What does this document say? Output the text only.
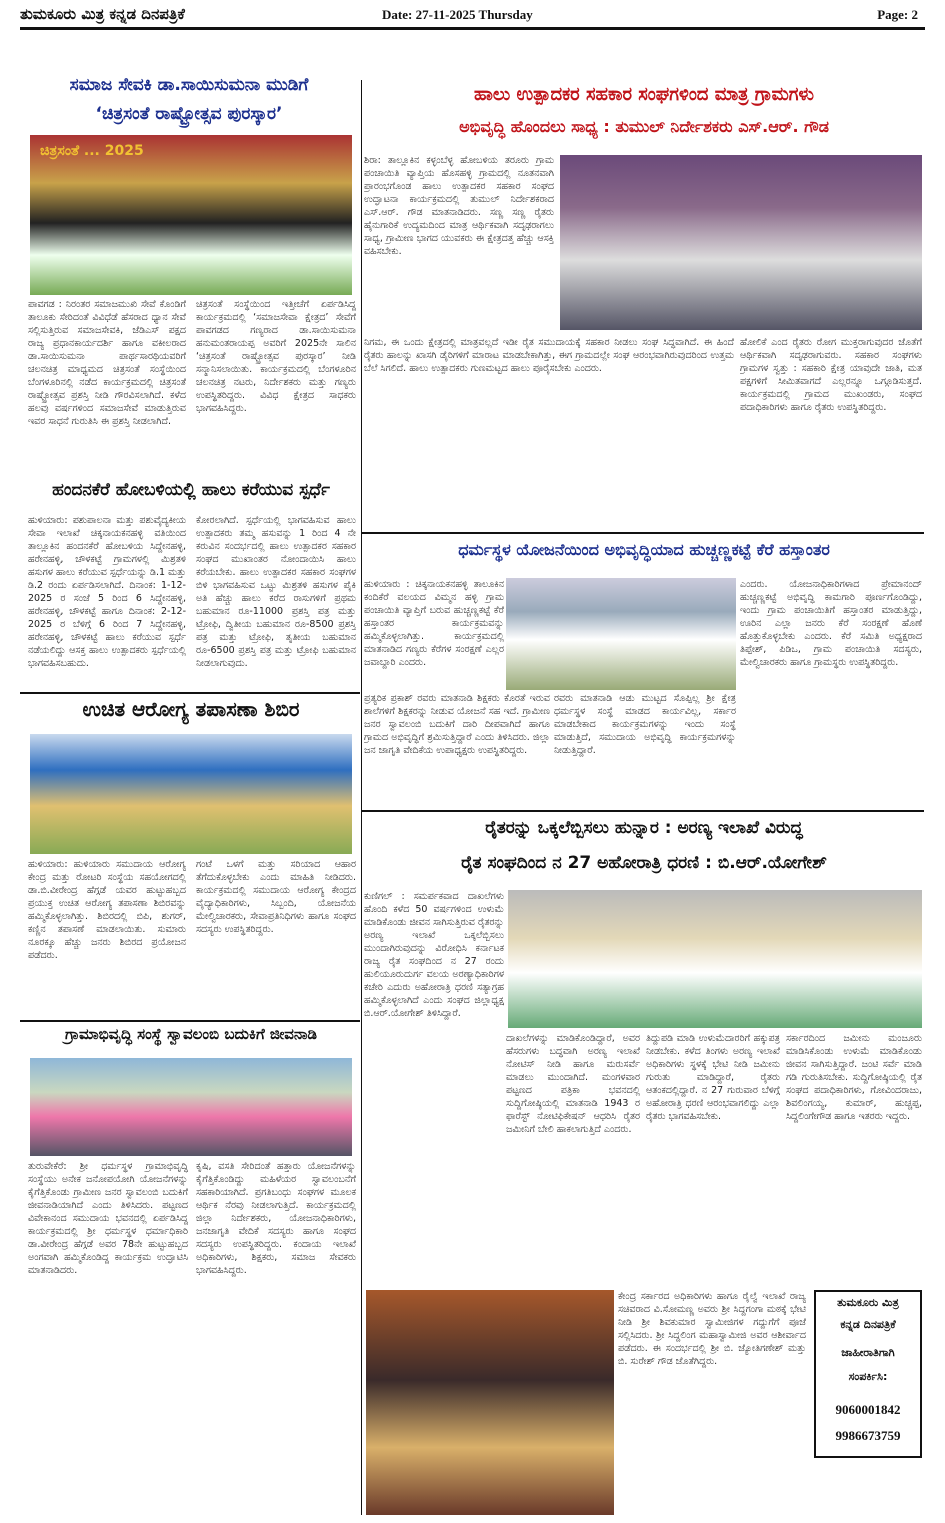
ತುಮಕೂರು ಮಿತ್ರ ಕನ್ನಡ ದಿನಪತ್ರಿಕೆ	Date: 27-11-2025 Thursday	Page: 2
ಸಮಾಜ ಸೇವಕಿ ಡಾ.ಸಾಯಿಸುಮನಾ ಮುಡಿಗೆ
‘ಚಿತ್ರಸಂತೆ ರಾಷ್ಟ್ರೋತ್ಸವ ಪುರಸ್ಕಾರ’
ಚಿತ್ರಸಂತೆ ... 2025
ಪಾವಗಡ : ನಿರಂತರ ಸಮಾಜಮುಖಿ ಸೇವೆ ಕೊಂಡಿಗೆ ತಾಲೂಕು ಸೇರಿದಂತೆ ವಿವಿಧೆಡೆ ಹೆಸರಾದ ಧ್ಯಾನ ಸೇವೆ ಸಲ್ಲಿಸುತ್ತಿರುವ ಸಮಾಜಸೇವಕಿ, ಜೆಡಿಎಸ್ ಪಕ್ಷದ ರಾಜ್ಯ ಪ್ರಧಾನಕಾರ್ಯದರ್ಶಿ ಹಾಗೂ ವಕೀಲರಾದ ಡಾ.ಸಾಯಿಸುಮನಾ ಪಾರ್ಥಸಾರಥಿಯವರಿಗೆ ಚಲನಚಿತ್ರ ಮಾಧ್ಯಮದ ಚಿತ್ರಸಂತೆ ಸಂಸ್ಥೆಯಿಂದ ಬೆಂಗಳೂರಿನಲ್ಲಿ ನಡೆದ ಕಾರ್ಯಕ್ರಮದಲ್ಲಿ ಚಿತ್ರಸಂತೆ ರಾಷ್ಟ್ರೋತ್ಸವ ಪ್ರಶಸ್ತಿ ನೀಡಿ ಗೌರವಿಸಲಾಗಿದೆ. ಕಳೆದ ಹಲವು ವರ್ಷಗಳಿಂದ ಸಮಾಜಸೇವೆ ಮಾಡುತ್ತಿರುವ ಇವರ ಸಾಧನೆ ಗುರುತಿಸಿ ಈ ಪ್ರಶಸ್ತಿ ನೀಡಲಾಗಿದೆ.
ಚಿತ್ರಸಂತೆ ಸಂಸ್ಥೆಯಿಂದ ಇತ್ತೀಚೆಗೆ ಏರ್ಪಡಿಸಿದ್ದ ಕಾರ್ಯಕ್ರಮದಲ್ಲಿ ‘ಸಮಾಜಸೇವಾ ಕ್ಷೇತ್ರದ’ ಸೇವೆಗೆ ಪಾವಗಡದ ಗಣ್ಯರಾದ ಡಾ.ಸಾಯಿಸುಮನಾ ಹನುಮಂತರಾಯಪ್ಪ ಅವರಿಗೆ 2025ನೇ ಸಾಲಿನ ‘ಚಿತ್ರಸಂತೆ ರಾಷ್ಟ್ರೋತ್ಸವ ಪುರಸ್ಕಾರ’ ನೀಡಿ ಸನ್ಮಾನಿಸಲಾಯಿತು. ಕಾರ್ಯಕ್ರಮದಲ್ಲಿ ಬೆಂಗಳೂರಿನ ಚಲನಚಿತ್ರ ನಟರು, ನಿರ್ದೇಶಕರು ಮತ್ತು ಗಣ್ಯರು ಉಪಸ್ಥಿತರಿದ್ದರು. ವಿವಿಧ ಕ್ಷೇತ್ರದ ಸಾಧಕರು ಭಾಗವಹಿಸಿದ್ದರು.
ಹಂದನಕೆರೆ ಹೋಬಳಿಯಲ್ಲಿ ಹಾಲು ಕರೆಯುವ ಸ್ಪರ್ಧೆ
ಹುಳಿಯಾರು: ಪಶುಪಾಲನಾ ಮತ್ತು ಪಶುವೈದ್ಯಕೀಯ ಸೇವಾ ಇಲಾಖೆ ಚಿಕ್ಕನಾಯಕನಹಳ್ಳಿ ವತಿಯಿಂದ ತಾಲ್ಲೂಕಿನ ಹಂದನಕೆರೆ ಹೋಬಳಿಯ ಸಿದ್ದೇನಹಳ್ಳಿ, ಹರೇನಹಳ್ಳಿ, ಚೌಳಕಟ್ಟೆ ಗ್ರಾಮಗಳಲ್ಲಿ ಮಿಶ್ರತಳಿ ಹಸುಗಳ ಹಾಲು ಕರೆಯುವ ಸ್ಪರ್ಧೆಯನ್ನು ಡಿ.1 ಮತ್ತು ಡಿ.2 ರಂದು ಏರ್ಪಡಿಸಲಾಗಿದೆ. ದಿನಾಂಕ: 1-12-2025 ರ ಸಂಜೆ 5 ರಿಂದ 6 ಸಿದ್ದೇನಹಳ್ಳಿ, ಹರೇನಹಳ್ಳಿ, ಚೌಳಕಟ್ಟೆ ಹಾಗೂ ದಿನಾಂಕ: 2-12-2025 ರ ಬೆಳಿಗ್ಗೆ 6 ರಿಂದ 7 ಸಿದ್ದೇನಹಳ್ಳಿ, ಹರೇನಹಳ್ಳಿ, ಚೌಳಕಟ್ಟೆ ಹಾಲು ಕರೆಯುವ ಸ್ಪರ್ಧೆ ನಡೆಯಲಿದ್ದು ಆಸಕ್ತ ಹಾಲು ಉತ್ಪಾದಕರು ಸ್ಪರ್ಧೆಯಲ್ಲಿ ಭಾಗವಹಿಸಬಹುದು.
ಕೋರಲಾಗಿದೆ. ಸ್ಪರ್ಧೆಯಲ್ಲಿ ಭಾಗವಹಿಸುವ ಹಾಲು ಉತ್ಪಾದಕರು ತಮ್ಮ ಹಸುವನ್ನು 1 ರಿಂದ 4 ನೇ ಕರುವಿನ ಸಂದರ್ಭದಲ್ಲಿ ಹಾಲು ಉತ್ಪಾದಕರ ಸಹಕಾರ ಸಂಘದ ಮುಖಾಂತರ ನೋಂದಾಯಿಸಿ ಹಾಲು ಕರೆಯಬೇಕು. ಹಾಲು ಉತ್ಪಾದಕರ ಸಹಕಾರ ಸಂಘಗಳ ಬಿಳಿ ಭಾಗವಹಿಸುವ ಒಟ್ಟು ಮಿಶ್ರತಳಿ ಹಸುಗಳ ಪೈಕಿ ಅತಿ ಹೆಚ್ಚು ಹಾಲು ಕರೆದ ರಾಸುಗಳಿಗೆ ಪ್ರಥಮ ಬಹುಮಾನ ರೂ-11000 ಪ್ರಶಸ್ತಿ ಪತ್ರ ಮತ್ತು ಟ್ರೋಫಿ, ದ್ವಿತೀಯ ಬಹುಮಾನ ರೂ-8500 ಪ್ರಶಸ್ತಿ ಪತ್ರ ಮತ್ತು ಟ್ರೋಫಿ, ತೃತೀಯ ಬಹುಮಾನ ರೂ-6500 ಪ್ರಶಸ್ತಿ ಪತ್ರ ಮತ್ತು ಟ್ರೋಫಿ ಬಹುಮಾನ ನೀಡಲಾಗುವುದು.
ಉಚಿತ ಆರೋಗ್ಯ ತಪಾಸಣಾ ಶಿಬಿರ
ಹುಳಿಯಾರು: ಹುಳಿಯಾರು ಸಮುದಾಯ ಆರೋಗ್ಯ ಕೇಂದ್ರ ಮತ್ತು ರೋಟರಿ ಸಂಸ್ಥೆಯ ಸಹಯೋಗದಲ್ಲಿ ಡಾ.ಬಿ.ವೀರೇಂದ್ರ ಹೆಗ್ಗಡೆ ಯವರ ಹುಟ್ಟುಹಬ್ಬದ ಪ್ರಯುಕ್ತ ಉಚಿತ ಆರೋಗ್ಯ ತಪಾಸಣಾ ಶಿಬಿರವನ್ನು ಹಮ್ಮಿಕೊಳ್ಳಲಾಗಿತ್ತು. ಶಿಬಿರದಲ್ಲಿ ಬಿಪಿ, ಶುಗರ್, ಕಣ್ಣಿನ ತಪಾಸಣೆ ಮಾಡಲಾಯಿತು. ಸುಮಾರು ನೂರಕ್ಕೂ ಹೆಚ್ಚು ಜನರು ಶಿಬಿರದ ಪ್ರಯೋಜನ ಪಡೆದರು.
ಗಂಟೆ ಒಳಗೆ ಮತ್ತು ಸರಿಯಾದ ಆಹಾರ ತೆಗೆದುಕೊಳ್ಳಬೇಕು ಎಂದು ಮಾಹಿತಿ ನೀಡಿದರು. ಕಾರ್ಯಕ್ರಮದಲ್ಲಿ ಸಮುದಾಯ ಆರೋಗ್ಯ ಕೇಂದ್ರದ ವೈದ್ಯಾಧಿಕಾರಿಗಳು, ಸಿಬ್ಬಂದಿ, ಯೋಜನೆಯ ಮೇಲ್ವಿಚಾರಕರು, ಸೇವಾಪ್ರತಿನಿಧಿಗಳು ಹಾಗೂ ಸಂಘದ ಸದಸ್ಯರು ಉಪಸ್ಥಿತರಿದ್ದರು.
ಗ್ರಾಮಾಭಿವೃದ್ಧಿ ಸಂಸ್ಥೆ ಸ್ವಾವಲಂಬಿ ಬದುಕಿಗೆ ಜೀವನಾಡಿ
ತುರುವೇಕೆರೆ: ಶ್ರೀ ಧರ್ಮಸ್ಥಳ ಗ್ರಾಮಾಭಿವೃದ್ಧಿ ಸಂಸ್ಥೆಯು ಅನೇಕ ಜನೋಪಯೋಗಿ ಯೋಜನೆಗಳನ್ನು ಕೈಗೆತ್ತಿಕೊಂಡು ಗ್ರಾಮೀಣ ಜನರ ಸ್ವಾವಲಂಬಿ ಬದುಕಿಗೆ ಜೀವನಾಡಿಯಾಗಿದೆ ಎಂದು ತಿಳಿಸಿದರು. ಪಟ್ಟಣದ ವಿವೇಕಾನಂದ ಸಮುದಾಯ ಭವನದಲ್ಲಿ ಏರ್ಪಡಿಸಿದ್ದ ಕಾರ್ಯಕ್ರಮದಲ್ಲಿ ಶ್ರೀ ಧರ್ಮಸ್ಥಳ ಧರ್ಮಾಧಿಕಾರಿ ಡಾ.ವೀರೇಂದ್ರ ಹೆಗ್ಗಡೆ ಅವರ 78ನೇ ಹುಟ್ಟುಹಬ್ಬದ ಅಂಗವಾಗಿ ಹಮ್ಮಿಕೊಂಡಿದ್ದ ಕಾರ್ಯಕ್ರಮ ಉದ್ಘಾಟಿಸಿ ಮಾತನಾಡಿದರು.
ಕೃಷಿ, ವಸತಿ ಸೇರಿದಂತೆ ಹತ್ತಾರು ಯೋಜನೆಗಳನ್ನು ಕೈಗೆತ್ತಿಕೊಂಡಿದ್ದು ಮಹಿಳೆಯರ ಸ್ವಾವಲಂಬನೆಗೆ ಸಹಕಾರಿಯಾಗಿದೆ. ಪ್ರಗತಿಬಂಧು ಸಂಘಗಳ ಮೂಲಕ ಆರ್ಥಿಕ ನೆರವು ನೀಡಲಾಗುತ್ತಿದೆ. ಕಾರ್ಯಕ್ರಮದಲ್ಲಿ ಜಿಲ್ಲಾ ನಿರ್ದೇಶಕರು, ಯೋಜನಾಧಿಕಾರಿಗಳು, ಜನಜಾಗೃತಿ ವೇದಿಕೆ ಸದಸ್ಯರು ಹಾಗೂ ಸಂಘದ ಸದಸ್ಯರು ಉಪಸ್ಥಿತರಿದ್ದರು. ಕಂದಾಯ ಇಲಾಖೆ ಅಧಿಕಾರಿಗಳು, ಶಿಕ್ಷಕರು, ಸಮಾಜ ಸೇವಕರು ಭಾಗವಹಿಸಿದ್ದರು.
ಹಾಲು ಉತ್ಪಾದಕರ ಸಹಕಾರ ಸಂಘಗಳಿಂದ ಮಾತ್ರ ಗ್ರಾಮಗಳು
ಅಭಿವೃದ್ಧಿ ಹೊಂದಲು ಸಾಧ್ಯ : ತುಮುಲ್ ನಿರ್ದೇಶಕರು ಎಸ್.ಆರ್. ಗೌಡ
ಶಿರಾ: ತಾಲ್ಲೂಕಿನ ಕಳ್ಳಂಬೆಳ್ಳ ಹೋಬಳಿಯ ತರೂರು ಗ್ರಾಮ ಪಂಚಾಯಿತಿ ವ್ಯಾಪ್ತಿಯ ಹೊಸಹಳ್ಳಿ ಗ್ರಾಮದಲ್ಲಿ ನೂತನವಾಗಿ ಪ್ರಾರಂಭಗೊಂಡ ಹಾಲು ಉತ್ಪಾದಕರ ಸಹಕಾರ ಸಂಘದ ಉದ್ಘಾಟನಾ ಕಾರ್ಯಕ್ರಮದಲ್ಲಿ ತುಮುಲ್ ನಿರ್ದೇಶಕರಾದ ಎಸ್.ಆರ್. ಗೌಡ ಮಾತನಾಡಿದರು. ಸಣ್ಣ ಸಣ್ಣ ರೈತರು ಹೈನುಗಾರಿಕೆ ಉದ್ಯಮದಿಂದ ಮಾತ್ರ ಆರ್ಥಿಕವಾಗಿ ಸದೃಢರಾಗಲು ಸಾಧ್ಯ, ಗ್ರಾಮೀಣ ಭಾಗದ ಯುವಕರು ಈ ಕ್ಷೇತ್ರದತ್ತ ಹೆಚ್ಚು ಆಸಕ್ತಿ ವಹಿಸಬೇಕು.
ನಿಗಮ, ಈ ಒಂದು ಕ್ಷೇತ್ರದಲ್ಲಿ ಮಾತ್ರವಲ್ಲದೆ ಇಡೀ ರೈತ ಸಮುದಾಯಕ್ಕೆ ಸಹಕಾರ ನೀಡಲು ಸಂಘ ಸಿದ್ಧವಾಗಿದೆ. ಈ ಹಿಂದೆ ರೈತರು ಹಾಲನ್ನು ಖಾಸಗಿ ಡೈರಿಗಳಿಗೆ ಮಾರಾಟ ಮಾಡಬೇಕಾಗಿತ್ತು, ಈಗ ಗ್ರಾಮದಲ್ಲೇ ಸಂಘ ಆರಂಭವಾಗಿರುವುದರಿಂದ ಉತ್ತಮ ಬೆಲೆ ಸಿಗಲಿದೆ. ಹಾಲು ಉತ್ಪಾದಕರು ಗುಣಮಟ್ಟದ ಹಾಲು ಪೂರೈಸಬೇಕು ಎಂದರು.
ಹೋಲಿಕೆ ಎಂದ ರೈತರು ರೋಗ ಮುಕ್ತರಾಗುವುದರ ಜೊತೆಗೆ ಆರ್ಥಿಕವಾಗಿ ಸದೃಢರಾಗುವರು. ಸಹಕಾರ ಸಂಘಗಳು ಗ್ರಾಮಗಳ ಸ್ವತ್ತು : ಸಹಕಾರಿ ಕ್ಷೇತ್ರ ಯಾವುದೇ ಜಾತಿ, ಮತ ಪಕ್ಷಗಳಿಗೆ ಸೀಮಿತವಾಗದೆ ಎಲ್ಲರನ್ನೂ ಒಗ್ಗೂಡಿಸುತ್ತದೆ. ಕಾರ್ಯಕ್ರಮದಲ್ಲಿ ಗ್ರಾಮದ ಮುಖಂಡರು, ಸಂಘದ ಪದಾಧಿಕಾರಿಗಳು ಹಾಗೂ ರೈತರು ಉಪಸ್ಥಿತರಿದ್ದರು.
ಧರ್ಮಸ್ಥಳ ಯೋಜನೆಯಿಂದ ಅಭಿವೃದ್ಧಿಯಾದ ಹುಚ್ಚಣ್ಣಕಟ್ಟೆ ಕೆರೆ ಹಸ್ತಾಂತರ
ಹುಳಿಯಾರು : ಚಿಕ್ಕನಾಯಕನಹಳ್ಳಿ ತಾಲೂಕಿನ ಕಂದಿಕೆರೆ ವಲಯದ ವಿಮ್ಮನ ಹಳ್ಳಿ ಗ್ರಾಮ ಪಂಚಾಯಿತಿ ವ್ಯಾಪ್ತಿಗೆ ಬರುವ ಹುಚ್ಚಣ್ಣಕಟ್ಟೆ ಕೆರೆ ಹಸ್ತಾಂತರ ಕಾರ್ಯಕ್ರಮವನ್ನು ಹಮ್ಮಿಕೊಳ್ಳಲಾಗಿತ್ತು. ಕಾರ್ಯಕ್ರಮದಲ್ಲಿ ಮಾತನಾಡಿದ ಗಣ್ಯರು ಕೆರೆಗಳ ಸಂರಕ್ಷಣೆ ಎಲ್ಲರ ಜವಾಬ್ದಾರಿ ಎಂದರು.
ಎಂದರು. ಯೋಜನಾಧಿಕಾರಿಗಳಾದ ಪ್ರೇಮಾನಂದ್ ಹುಚ್ಚಣ್ಣಕಟ್ಟೆ ಅಭಿವೃದ್ಧಿ ಕಾಮಗಾರಿ ಪೂರ್ಣಗೊಂಡಿದ್ದು, ಇಂದು ಗ್ರಾಮ ಪಂಚಾಯಿತಿಗೆ ಹಸ್ತಾಂತರ ಮಾಡುತ್ತಿದ್ದು, ಊರಿನ ಎಲ್ಲಾ ಜನರು ಕೆರೆ ಸಂರಕ್ಷಣೆ ಹೊಣೆ ಹೊತ್ತುಕೊಳ್ಳಬೇಕು ಎಂದರು. ಕೆರೆ ಸಮಿತಿ ಅಧ್ಯಕ್ಷರಾದ ತಿಪ್ಪೇಶ್, ಪಿಡಿಒ, ಗ್ರಾಮ ಪಂಚಾಯಿತಿ ಸದಸ್ಯರು, ಮೇಲ್ವಿಚಾರಕರು ಹಾಗೂ ಗ್ರಾಮಸ್ಥರು ಉಪಸ್ಥಿತರಿದ್ದರು.
ಪ್ರತ್ಯರಿಕ ಪ್ರಕಾಶ್ ರವರು ಮಾತನಾಡಿ ಶಿಕ್ಷಕರು ಕೊರತೆ ಇರುವ ಶಾಲೆಗಳಿಗೆ ಶಿಕ್ಷಕರನ್ನು ನೀಡುವ ಯೋಜನೆ ಸಹ ಇದೆ. ಗ್ರಾಮೀಣ ಜನರ ಸ್ವಾವಲಂಬಿ ಬದುಕಿಗೆ ದಾರಿ ದೀಪವಾಗಿದೆ ಹಾಗೂ ಗ್ರಾಮದ ಅಭಿವೃದ್ಧಿಗೆ ಶ್ರಮಿಸುತ್ತಿದ್ದಾರೆ ಎಂದು ತಿಳಿಸಿದರು. ಜಿಲ್ಲಾ ಜನ ಜಾಗೃತಿ ವೇದಿಕೆಯ ಉಪಾಧ್ಯಕ್ಷರು ಉಪಸ್ಥಿತರಿದ್ದರು.
ರವರು ಮಾತನಾಡಿ ಆಡು ಮುಟ್ಟದ ಸೊಪ್ಪಿಲ್ಲ ಶ್ರೀ ಕ್ಷೇತ್ರ ಧರ್ಮಸ್ಥಳ ಸಂಸ್ಥೆ ಮಾಡದ ಕಾರ್ಯವಿಲ್ಲ, ಸರ್ಕಾರ ಮಾಡಬೇಕಾದ ಕಾರ್ಯಕ್ರಮಗಳನ್ನು ಇಂದು ಸಂಸ್ಥೆ ಮಾಡುತ್ತಿದೆ, ಸಮುದಾಯ ಅಭಿವೃದ್ಧಿ ಕಾರ್ಯಕ್ರಮಗಳನ್ನು ನೀಡುತ್ತಿದ್ದಾರೆ.
ರೈತರನ್ನು ಒಕ್ಕಲೆಬ್ಬಿಸಲು ಹುನ್ನಾರ : ಅರಣ್ಯ ಇಲಾಖೆ ವಿರುದ್ಧ
ರೈತ ಸಂಘದಿಂದ ನ 27 ಅಹೋರಾತ್ರಿ ಧರಣಿ : ಬಿ.ಆರ್.ಯೋಗೇಶ್
ಕುಣಿಗಲ್ : ಸಮರ್ಪಕವಾದ ದಾಖಲೆಗಳು ಹೊಂದಿ ಕಳೆದ 50 ವರ್ಷಗಳಿಂದ ಉಳುಮೆ ಮಾಡಿಕೊಂಡು ಜೀವನ ಸಾಗಿಸುತ್ತಿರುವ ರೈತರನ್ನು ಅರಣ್ಯ ಇಲಾಖೆ ಒಕ್ಕಲೆಬ್ಬಿಸಲು ಮುಂದಾಗಿರುವುದನ್ನು ವಿರೋಧಿಸಿ ಕರ್ನಾಟಕ ರಾಜ್ಯ ರೈತ ಸಂಘದಿಂದ ನ 27 ರಂದು ಹುಲಿಯೂರುದುರ್ಗ ವಲಯ ಅರಣ್ಯಾಧಿಕಾರಿಗಳ ಕಚೇರಿ ಎದುರು ಅಹೋರಾತ್ರಿ ಧರಣಿ ಸತ್ಯಾಗ್ರಹ ಹಮ್ಮಿಕೊಳ್ಳಲಾಗಿದೆ ಎಂದು ಸಂಘದ ಜಿಲ್ಲಾಧ್ಯಕ್ಷ ಬಿ.ಆರ್.ಯೋಗೇಶ್ ತಿಳಿಸಿದ್ದಾರೆ.
ದಾಖಲೆಗಳನ್ನು ಮಾಡಿಕೊಂಡಿದ್ದಾರೆ, ಅವರ ಹೆಸರುಗಳು ಬದ್ಧವಾಗಿ ಅರಣ್ಯ ಇಲಾಖೆ ನೋಟಿಸ್ ನೀಡಿ ಹಾಗೂ ಮರುಸರ್ವೆ ಮಾಡಲು ಮುಂದಾಗಿದೆ. ಮಂಗಳವಾರ ಪಟ್ಟಣದ ಪತ್ರಿಕಾ ಭವನದಲ್ಲಿ ಸುದ್ದಿಗೋಷ್ಠಿಯಲ್ಲಿ ಮಾತನಾಡಿ 1943 ರ ಫಾರೆಸ್ಟ್ ನೋಟಿಫಿಕೇಷನ್ ಆಧರಿಸಿ ರೈತರ ಜಮೀನಿಗೆ ಬೇಲಿ ಹಾಕಲಾಗುತ್ತಿದೆ ಎಂದರು.
ತಿದ್ದುಪಡಿ ಮಾಡಿ ಉಳುಮೆದಾರರಿಗೆ ಹಕ್ಕುಪತ್ರ ನೀಡಬೇಕು. ಕಳೆದ ತಿಂಗಳು ಅರಣ್ಯ ಇಲಾಖೆ ಅಧಿಕಾರಿಗಳು ಸ್ಥಳಕ್ಕೆ ಭೇಟಿ ನೀಡಿ ಜಮೀನು ಗುರುತು ಮಾಡಿದ್ದಾರೆ, ರೈತರು ಆತಂಕದಲ್ಲಿದ್ದಾರೆ. ನ 27 ಗುರುವಾರ ಬೆಳಿಗ್ಗೆ ಅಹೋರಾತ್ರಿ ಧರಣಿ ಆರಂಭವಾಗಲಿದ್ದು ಎಲ್ಲಾ ರೈತರು ಭಾಗವಹಿಸಬೇಕು.
ಸರ್ಕಾರದಿಂದ ಜಮೀನು ಮಂಜೂರು ಮಾಡಿಸಿಕೊಂಡು ಉಳುಮೆ ಮಾಡಿಕೊಂಡು ಜೀವನ ಸಾಗಿಸುತ್ತಿದ್ದಾರೆ. ಜಂಟಿ ಸರ್ವೆ ಮಾಡಿ ಗಡಿ ಗುರುತಿಸಬೇಕು. ಸುದ್ದಿಗೋಷ್ಠಿಯಲ್ಲಿ ರೈತ ಸಂಘದ ಪದಾಧಿಕಾರಿಗಳು, ಗೋವಿಂದರಾಜು, ಶಿವಲಿಂಗಯ್ಯ, ಕುಮಾರ್, ಹುಚ್ಚಪ್ಪ, ಸಿದ್ದಲಿಂಗೇಗೌಡ ಹಾಗೂ ಇತರರು ಇದ್ದರು.
ಕೇಂದ್ರ ಸರ್ಕಾರದ ಅಧಿಕಾರಿಗಳು ಹಾಗೂ ರೈಲ್ವೆ ಇಲಾಖೆ ರಾಜ್ಯ ಸಚಿವರಾದ ವಿ.ಸೋಮಣ್ಣ ಅವರು ಶ್ರೀ ಸಿದ್ದಗಂಗಾ ಮಠಕ್ಕೆ ಭೇಟಿ ನೀಡಿ ಶ್ರೀ ಶಿವಕುಮಾರ ಸ್ವಾಮೀಜಿಗಳ ಗದ್ದುಗೆಗೆ ಪೂಜೆ ಸಲ್ಲಿಸಿದರು. ಶ್ರೀ ಸಿದ್ದಲಿಂಗ ಮಹಾಸ್ವಾಮೀಜಿ ಅವರ ಆಶೀರ್ವಾದ ಪಡೆದರು. ಈ ಸಂದರ್ಭದಲ್ಲಿ ಶ್ರೀ ಬಿ. ಜ್ಯೋತಿಗಣೇಶ್ ಮತ್ತು ಬಿ. ಸುರೇಶ್ ಗೌಡ ಜೊತೆಗಿದ್ದರು.
ತುಮಕೂರು ಮಿತ್ರ
ಕನ್ನಡ ದಿನಪತ್ರಿಕೆ
ಜಾಹೀರಾತಿಗಾಗಿ
ಸಂಪರ್ಕಿಸಿ:
9060001842
9986673759
